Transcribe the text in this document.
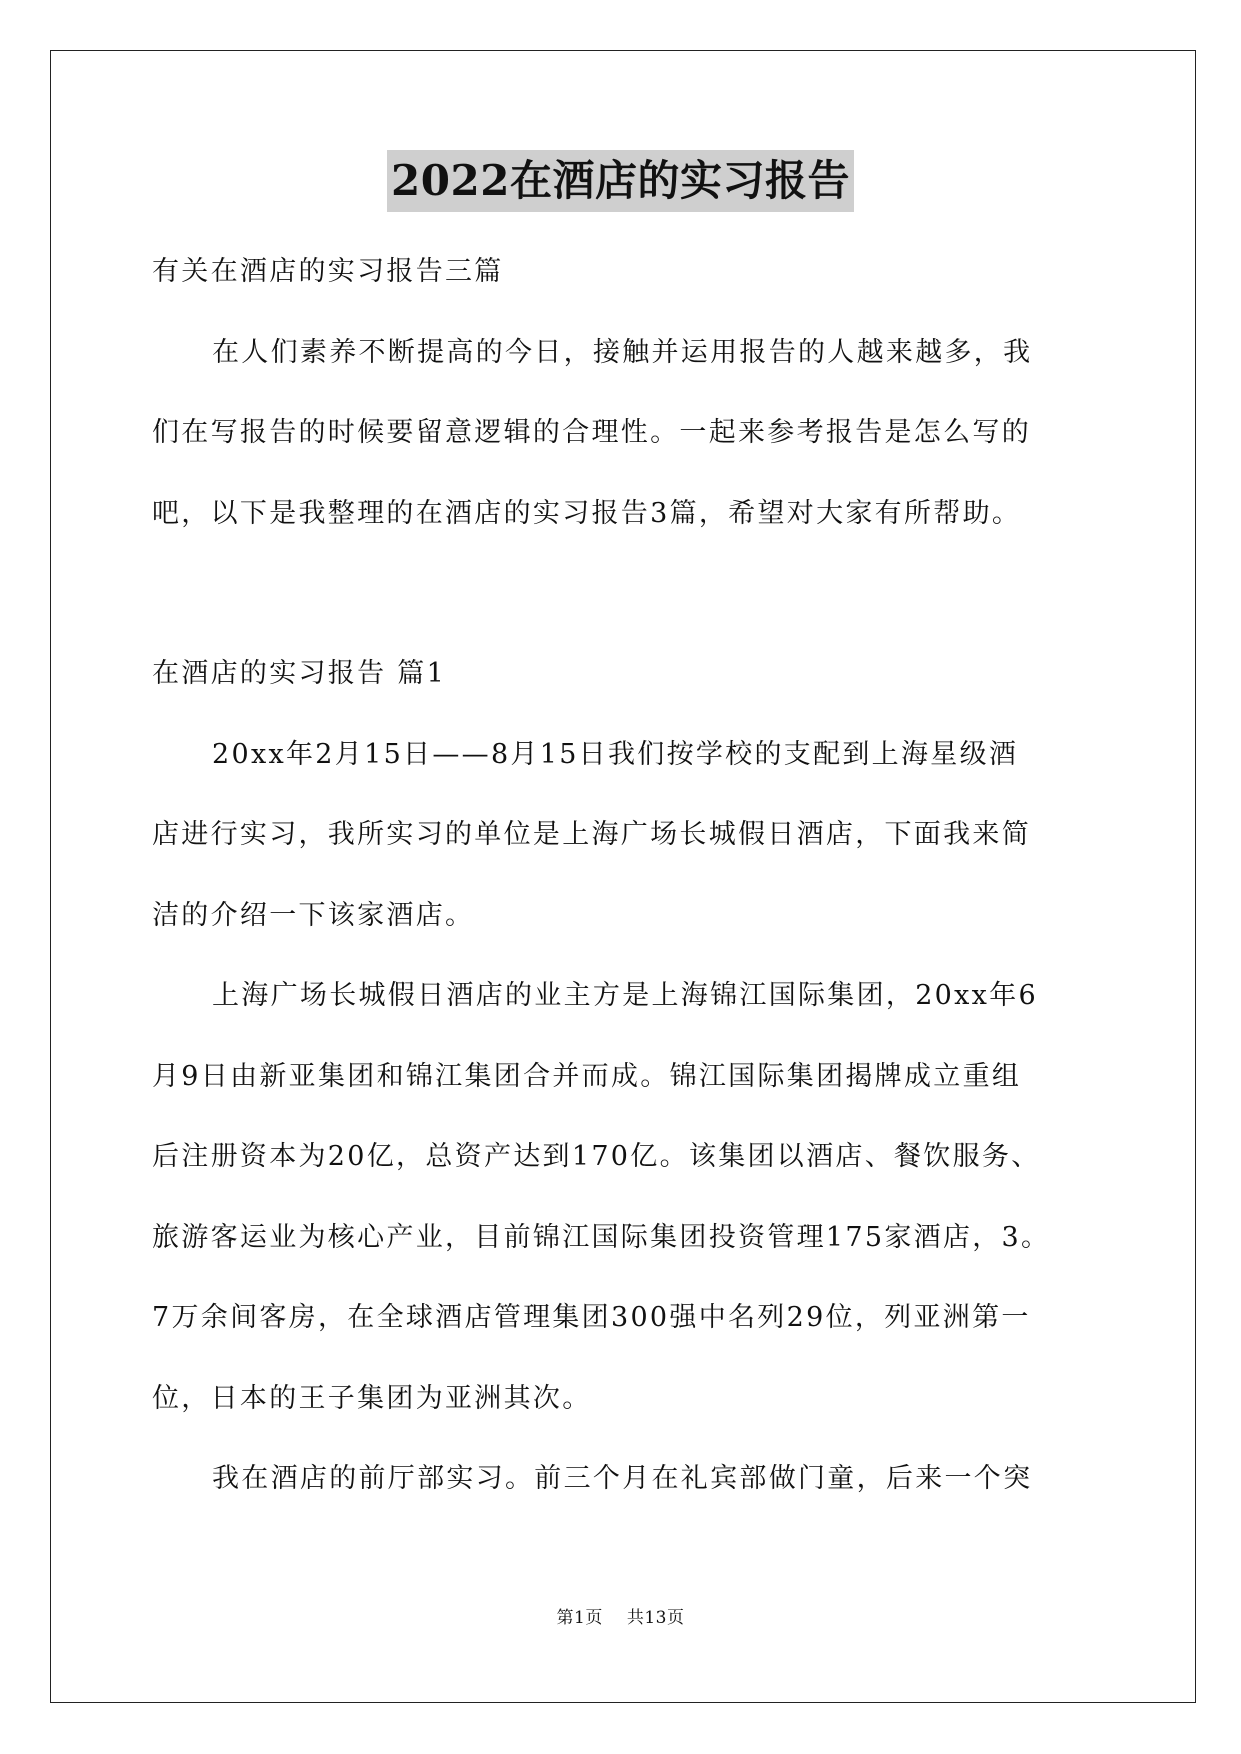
2022在酒店的实习报告
有关在酒店的实习报告三篇
在人们素养不断提高的今日，接触并运用报告的人越来越多，我
们在写报告的时候要留意逻辑的合理性。一起来参考报告是怎么写的
吧，以下是我整理的在酒店的实习报告3篇，希望对大家有所帮助。
在酒店的实习报告 篇1
20xx年2月15日——8月15日我们按学校的支配到上海星级酒
店进行实习，我所实习的单位是上海广场长城假日酒店，下面我来简
洁的介绍一下该家酒店。
上海广场长城假日酒店的业主方是上海锦江国际集团，20xx年6
月9日由新亚集团和锦江集团合并而成。锦江国际集团揭牌成立重组
后注册资本为20亿，总资产达到170亿。该集团以酒店、餐饮服务、
旅游客运业为核心产业，目前锦江国际集团投资管理175家酒店，3。
7万余间客房，在全球酒店管理集团300强中名列29位，列亚洲第一
位，日本的王子集团为亚洲其次。
我在酒店的前厅部实习。前三个月在礼宾部做门童，后来一个突
第1页 共13页
